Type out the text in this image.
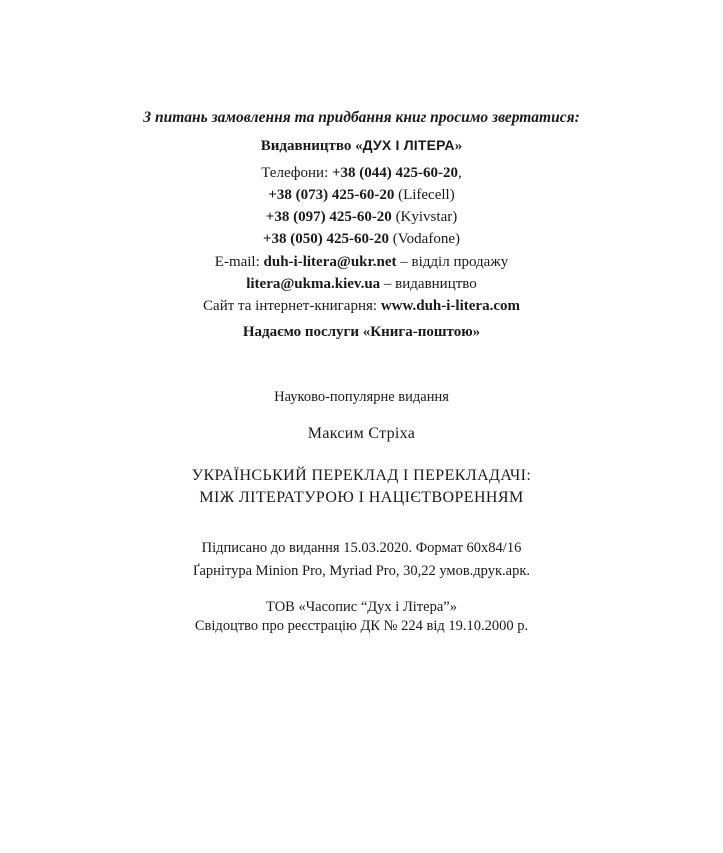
З питань замовлення та придбання книг просимо звертатися:
Видавництво «ДУХ І ЛІТЕРА»
Телефони: +38 (044) 425-60-20,
+38 (073) 425-60-20 (Lifecell)
+38 (097) 425-60-20 (Kyivstar)
+38 (050) 425-60-20 (Vodafone)
E-mail: duh-i-litera@ukr.net – відділ продажу
litera@ukma.kiev.ua – видавництво
Сайт та інтернет-книгарня: www.duh-i-litera.com
Надаємо послуги «Книга-поштою»
Науково-популярне видання
Максим Стріха
УКРАЇНСЬКИЙ ПЕРЕКЛАД І ПЕРЕКЛАДАЧІ:
МІЖ ЛІТЕРАТУРОЮ І НАЦІЄТВОРЕННЯМ
Підписано до видання 15.03.2020. Формат 60х84/16
Ґарнітура Minion Pro, Myriad Pro, 30,22 умов.друк.арк.
ТОВ «Часопис “Дух і Літера”»
Свідоцтво про реєстрацію ДК № 224 від 19.10.2000 р.
